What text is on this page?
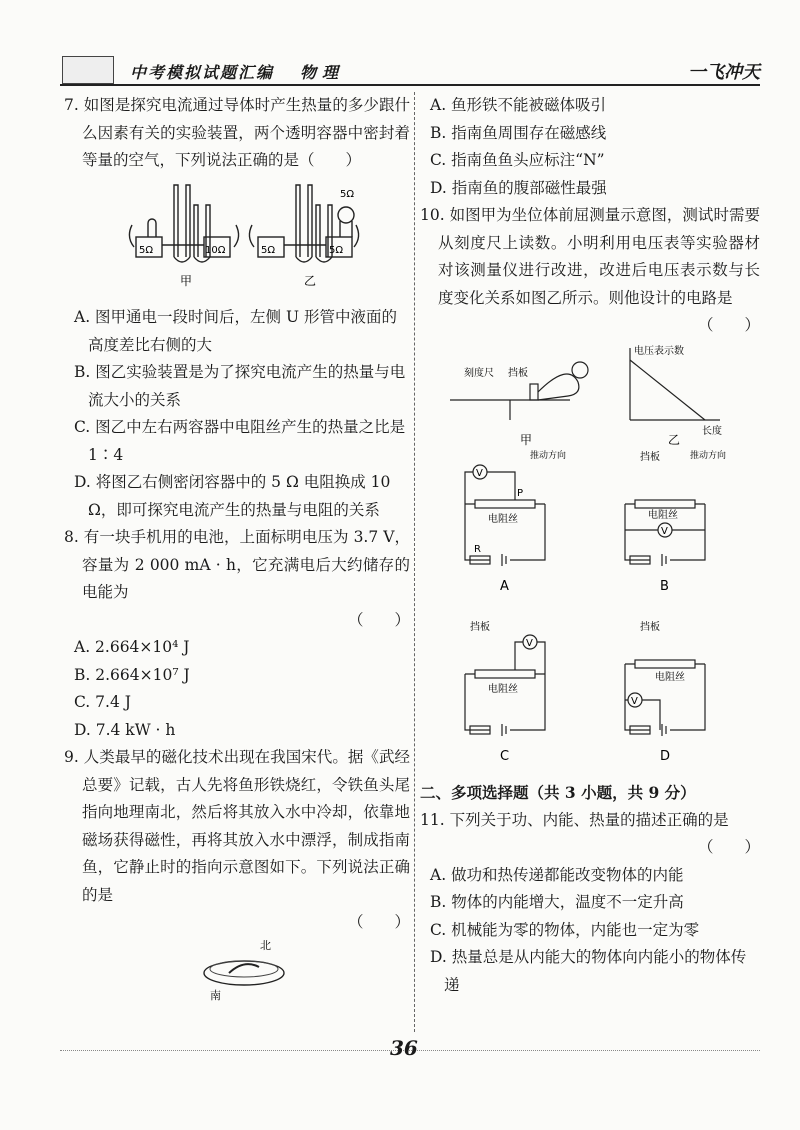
中考模拟试题汇编 物理	一飞冲天

7. 如图是探究电流通过导体时产生热量的多少跟什么因素有关的实验装置，两个透明容器中密封着等量的空气，下列说法正确的是（　　）

5Ω	10Ω
甲
5Ω	5Ω
5Ω
乙

A. 图甲通电一段时间后，左侧 U 形管中液面的高度差比右侧的大

B. 图乙实验装置是为了探究电流产生的热量与电流大小的关系

C. 图乙中左右两容器中电阻丝产生的热量之比是 1∶4

D. 将图乙右侧密闭容器中的 5 Ω 电阻换成 10 Ω，即可探究电流产生的热量与电阻的关系

8. 有一块手机用的电池，上面标明电压为 3.7 V，容量为 2 000 mA · h，它充满电后大约储存的电能为

（　　）

A. 2.664×10⁴ J

B. 2.664×10⁷ J

C. 7.4 J

D. 7.4 kW · h

9. 人类最早的磁化技术出现在我国宋代。据《武经总要》记载，古人先将鱼形铁烧红，令铁鱼头尾指向地理南北，然后将其放入水中冷却，依靠地磁场获得磁性，再将其放入水中漂浮，制成指南鱼，它静止时的指向示意图如下。下列说法正确的是

（　　）
北
南

A. 鱼形铁不能被磁体吸引

B. 指南鱼周围存在磁感线

C. 指南鱼鱼头应标注“N”

D. 指南鱼的腹部磁性最强

10. 如图甲为坐位体前屈测量示意图，测试时需要从刻度尺上读数。小明利用电压表等实验器材对该测量仪进行改进，改进后电压表示数与长度变化关系如图乙所示。则他设计的电路是

（　　）
刻度尺 挡板
甲
电压表示数
长度
乙
V
P
电阻丝
R
推动方向
A
电阻丝
V
挡板	推动方向
B
V
挡板
电阻丝
C
V
电阻丝
挡板
D

二、多项选择题（共 3 小题，共 9 分）

11. 下列关于功、内能、热量的描述正确的是

（　　）

A. 做功和热传递都能改变物体的内能

B. 物体的内能增大，温度不一定升高

C. 机械能为零的物体，内能也一定为零

D. 热量总是从内能大的物体向内能小的物体传递

36
